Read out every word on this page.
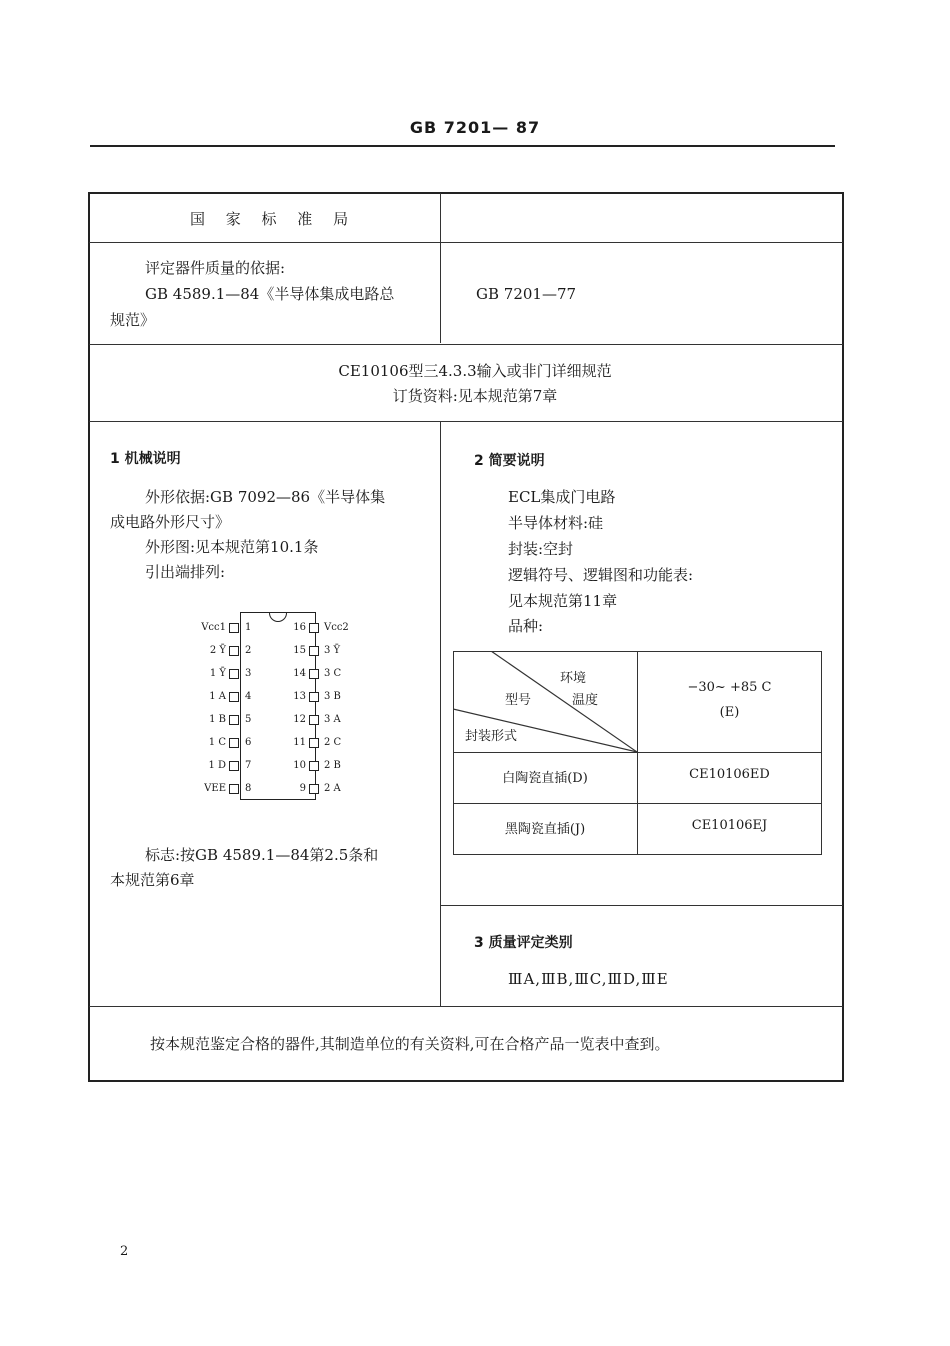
GB 7201— 87
国 家 标 准 局
评定器件质量的依据:
GB 4589.1—84《半导体集成电路总
规范》
GB 7201—77
CE10106型三4.3.3输入或非门详细规范
订货资料:见本规范第7章
1 机械说明
外形依据:GB 7092—86《半导体集
成电路外形尺寸》
外形图:见本规范第10.1条
引出端排列:
Vcc1 1
2 Ȳ 2
1 Ȳ 3
1 A 4
1 B 5
1 C 6
1 D 7
VEE 8
16 Vcc2
15 3 Ȳ
14 3 C
13 3 B
12 3 A
11 2 C
10 2 B
9 2 A
标志:按GB 4589.1—84第2.5条和
本规范第6章
2 简要说明
ECL集成门电路
半导体材料:硅
封装:空封
逻辑符号、逻辑图和功能表:
见本规范第11章
品种:
环境
温度
型号
封装形式
−30~ +85 C
(E)
白陶瓷直插(D)	CE10106ED
黑陶瓷直插(J)	CE10106EJ
3 质量评定类别
ⅢA,ⅢB,ⅢC,ⅢD,ⅢE
按本规范鉴定合格的器件,其制造单位的有关资料,可在合格产品一览表中查到。
2
